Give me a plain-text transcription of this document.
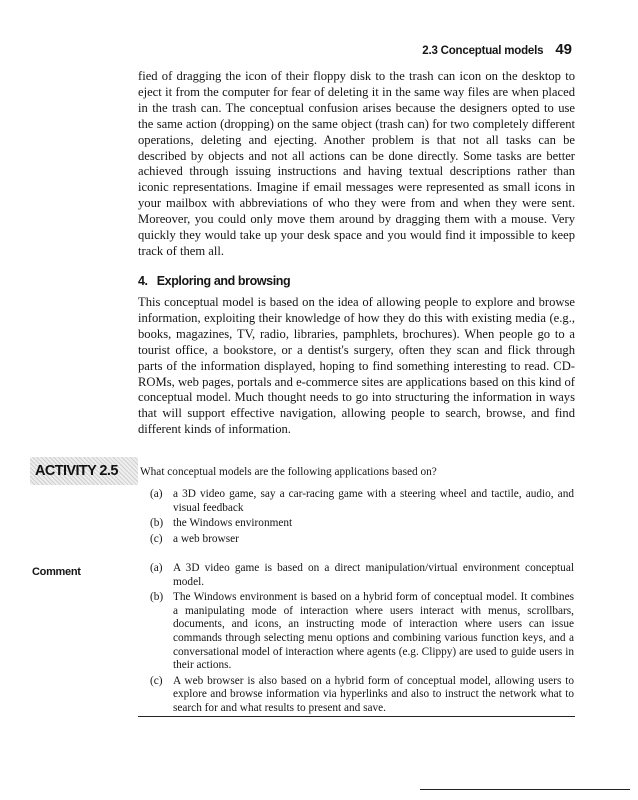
2.3 Conceptual models 49

fied of dragging the icon of their floppy disk to the trash can icon on the desktop to eject it from the computer for fear of deleting it in the same way files are when placed in the trash can. The conceptual confusion arises because the designers opted to use the same action (dropping) on the same object (trash can) for two completely different operations, deleting and ejecting. Another problem is that not all tasks can be described by objects and not all actions can be done directly. Some tasks are better achieved through issuing instructions and having textual descriptions rather than iconic representations. Imagine if email messages were represented as small icons in your mailbox with abbreviations of who they were from and when they were sent. Moreover, you could only move them around by dragging them with a mouse. Very quickly they would take up your desk space and you would find it impossible to keep track of them all.

4. Exploring and browsing

This conceptual model is based on the idea of allowing people to explore and browse information, exploiting their knowledge of how they do this with existing media (e.g., books, magazines, TV, radio, libraries, pamphlets, brochures). When people go to a tourist office, a bookstore, or a dentist's surgery, often they scan and flick through parts of the information displayed, hoping to find something interesting to read. CD-ROMs, web pages, portals and e-commerce sites are applications based on this kind of conceptual model. Much thought needs to go into structuring the information in ways that will support effective navigation, allowing people to search, browse, and find different kinds of information.

ACTIVITY 2.5 What conceptual models are the following applications based on?

(a) a 3D video game, say a car-racing game with a steering wheel and tactile, audio, and visual feedback
(b) the Windows environment
(c) a web browser

Comment	(a) A 3D video game is based on a direct manipulation/virtual environment conceptual model.
(b) The Windows environment is based on a hybrid form of conceptual model. It combines a manipulating mode of interaction where users interact with menus, scrollbars, documents, and icons, an instructing mode of interaction where users can issue commands through selecting menu options and combining various function keys, and a conversational model of interaction where agents (e.g. Clippy) are used to guide users in their actions.
(c) A web browser is also based on a hybrid form of conceptual model, allowing users to explore and browse information via hyperlinks and also to instruct the network what to search for and what results to present and save.
